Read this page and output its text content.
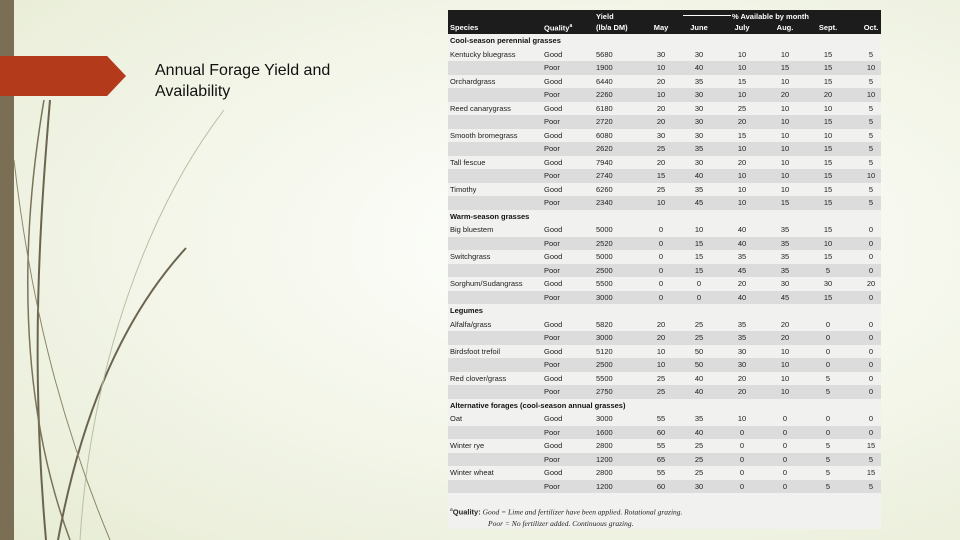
Annual Forage Yield and Availability
Species	Quality$^a$
Yield
(lb/a DM)
% Available by month
May	June	July	Aug.	Sept.	Oct.
Cool-season perennial grasses
Kentucky bluegrass	Good	5680	30	30	10	10	15	5
Poor	1900	10	40	10	15	15	10
Orchardgrass	Good	6440	20	35	15	10	15	5
Poor	2260	10	30	10	20	20	10
Reed canarygrass	Good	6180	20	30	25	10	10	5
Poor	2720	20	30	20	10	15	5
Smooth bromegrass	Good	6080	30	30	15	10	10	5
Poor	2620	25	35	10	10	15	5
Tall fescue	Good	7940	20	30	20	10	15	5
Poor	2740	15	40	10	10	15	10
Timothy	Good	6260	25	35	10	10	15	5
Poor	2340	10	45	10	15	15	5
Warm-season grasses
Big bluestem	Good	5000	0	10	40	35	15	0
Poor	2520	0	15	40	35	10	0
Switchgrass	Good	5000	0	15	35	35	15	0
Poor	2500	0	15	45	35	5	0
Sorghum/Sudangrass	Good	5500	0	0	20	30	30	20
Poor	3000	0	0	40	45	15	0
Legumes
Alfalfa/grass	Good	5820	20	25	35	20	0	0
Poor	3000	20	25	35	20	0	0
Birdsfoot trefoil	Good	5120	10	50	30	10	0	0
Poor	2500	10	50	30	10	0	0
Red clover/grass	Good	5500	25	40	20	10	5	0
Poor	2750	25	40	20	10	5	0
Alternative forages (cool-season annual grasses)
Oat	Good	3000	55	35	10	0	0	0
Poor	1600	60	40	0	0	0	0
Winter rye	Good	2800	55	25	0	0	5	15
Poor	1200	65	25	0	0	5	5
Winter wheat	Good	2800	55	25	0	0	5	15
Poor	1200	60	30	0	0	5	5
$^a$Quality: Good = Lime and fertilizer have been applied. Rotational grazing.
Poor = No fertilizer added. Continuous grazing.
